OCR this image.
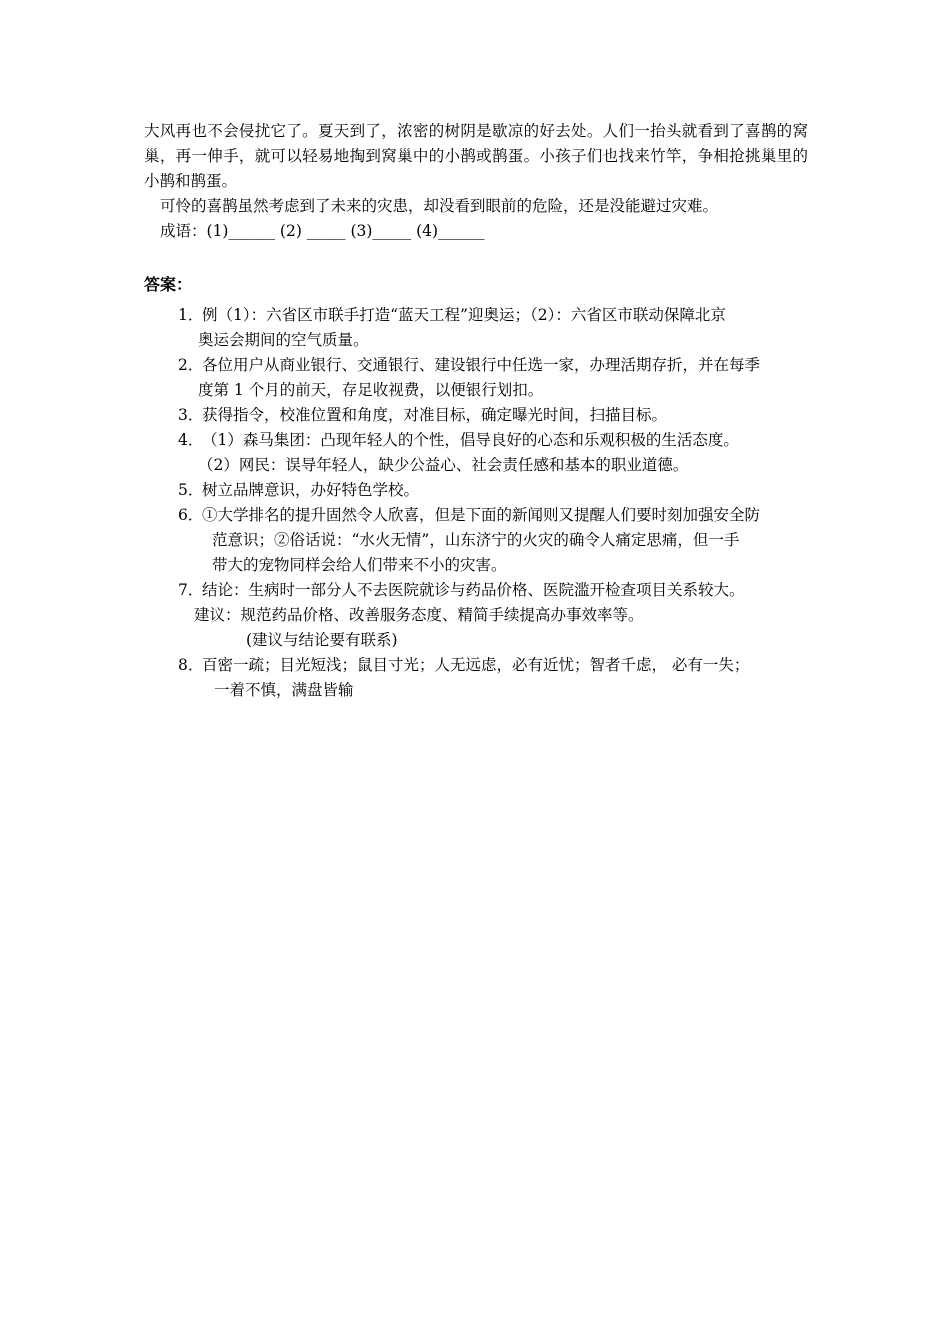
大风再也不会侵扰它了。夏天到了，浓密的树阴是歇凉的好去处。人们一抬头就看到了喜鹊的窝巢，再一伸手，就可以轻易地掏到窝巢中的小鹊或鹊蛋。小孩子们也找来竹竿，争相抢挑巢里的小鹊和鹊蛋。

可怜的喜鹊虽然考虑到了未来的灾患，却没看到眼前的危险，还是没能避过灾难。

成语：(1)______ (2) _____ (3)_____ (4)______

答案：
1．例（1）：六省区市联手打造“蓝天工程”迎奥运；（2）：六省区市联动保障北京
奥运会期间的空气质量。
2．各位用户从商业银行、交通银行、建设银行中任选一家，办理活期存折，并在每季
度第 1 个月的前天，存足收视费，以便银行划扣。
3．获得指令，校准位置和角度，对准目标，确定曝光时间，扫描目标。
4．（1）森马集团：凸现年轻人的个性，倡导良好的心态和乐观积极的生活态度。
（2）网民：误导年轻人，缺少公益心、社会责任感和基本的职业道德。
5．树立品牌意识，办好特色学校。
6．①大学排名的提升固然令人欣喜，但是下面的新闻则又提醒人们要时刻加强安全防
范意识；②俗话说：“水火无情”，山东济宁的火灾的确令人痛定思痛，但一手
带大的宠物同样会给人们带来不小的灾害。
7．结论：生病时一部分人不去医院就诊与药品价格、医院滥开检查项目关系较大。
建议：规范药品价格、改善服务态度、精简手续提高办事效率等。
(建议与结论要有联系)
8．百密一疏；目光短浅；鼠目寸光；人无远虑，必有近忧；智者千虑， 必有一失；
一着不慎，满盘皆输
